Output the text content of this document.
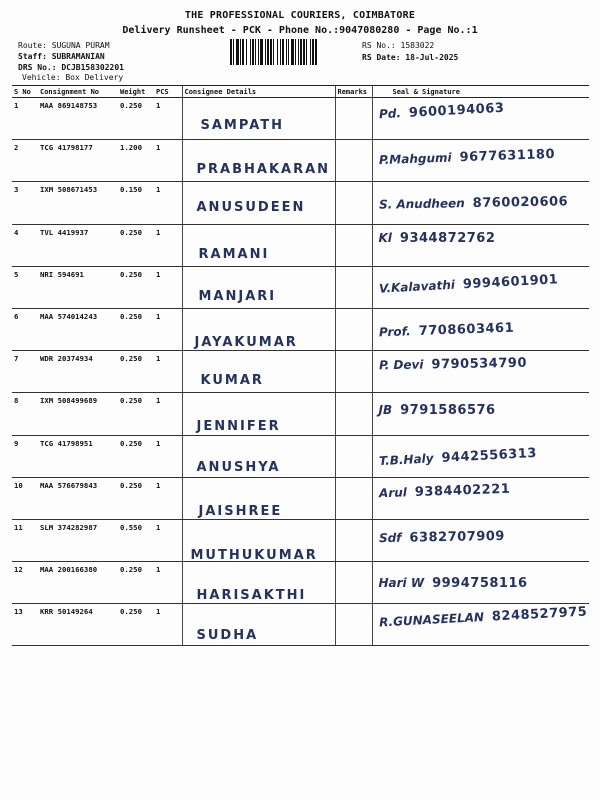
THE PROFESSIONAL COURIERS, COIMBATORE
Delivery Runsheet - PCK - Phone No.:9047080280 - Page No.:1
Route: SUGUNA PURAM
Staff: SUBRAMANIAN
DRS No.: DCJB158302201
Vehicle: Box Delivery
RS No.: 1583022
RS Date: 18-Jul-2025
S No	Consignment No	Weight	PCS	Consignee Details	Remarks	Seal & Signature
1	MAA 869148753	0.250	1	SAMPATH		Pd. 9600194063

2	TCG 41798177	1.200	1	PRABHAKARAN		P.Mahgumi 9677631180

3	IXM 508671453	0.150	1	ANUSUDEEN		S. Anudheen 8760020606

4	TVL 4419937	0.250	1	RAMANI		Kl 9344872762

5	NRI 594691	0.250	1	MANJARI		V.Kalavathi 9994601901

6	MAA 574014243	0.250	1	JAYAKUMAR		Prof. 7708603461

7	WDR 20374934	0.250	1	KUMAR		P. Devi 9790534790

8	IXM 508499689	0.250	1	JENNIFER		JB 9791586576

9	TCG 41798951	0.250	1	ANUSHYA		T.B.Haly 9442556313

10	MAA 576679843	0.250	1	JAISHREE		Arul 9384402221

11	SLM 374282987	0.550	1	MUTHUKUMAR		Sdf 6382707909

12	MAA 200166380	0.250	1	HARISAKTHI		Hari W 9994758116

13	KRR 50149264	0.250	1	SUDHA		R.GUNASEELAN 8248527975
